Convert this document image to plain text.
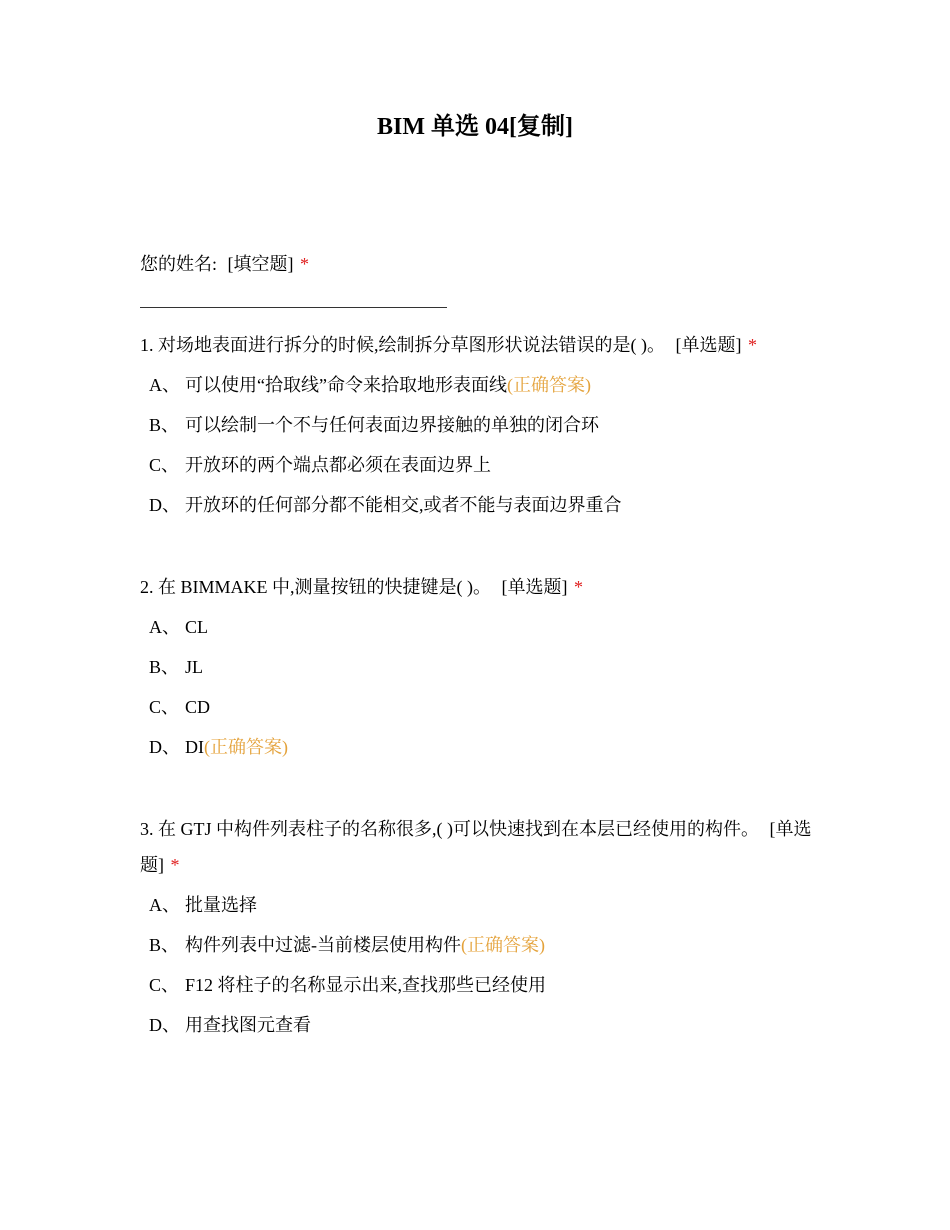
BIM 单选 04[复制]
您的姓名: [填空题] *
1. 对场地表面进行拆分的时候,绘制拆分草图形状说法错误的是( )。 [单选题] *
A、 可以使用“拾取线”命令来拾取地形表面线(正确答案)
B、 可以绘制一个不与任何表面边界接触的单独的闭合环
C、 开放环的两个端点都必须在表面边界上
D、 开放环的任何部分都不能相交,或者不能与表面边界重合
2. 在 BIMMAKE 中,测量按钮的快捷键是( )。 [单选题] *
A、 CL
B、 JL
C、 CD
D、 DI(正确答案)
3. 在 GTJ 中构件列表柱子的名称很多,( )可以快速找到在本层已经使用的构件。 [单选题] *
A、 批量选择
B、 构件列表中过滤-当前楼层使用构件(正确答案)
C、 F12 将柱子的名称显示出来,查找那些已经使用
D、 用查找图元查看
